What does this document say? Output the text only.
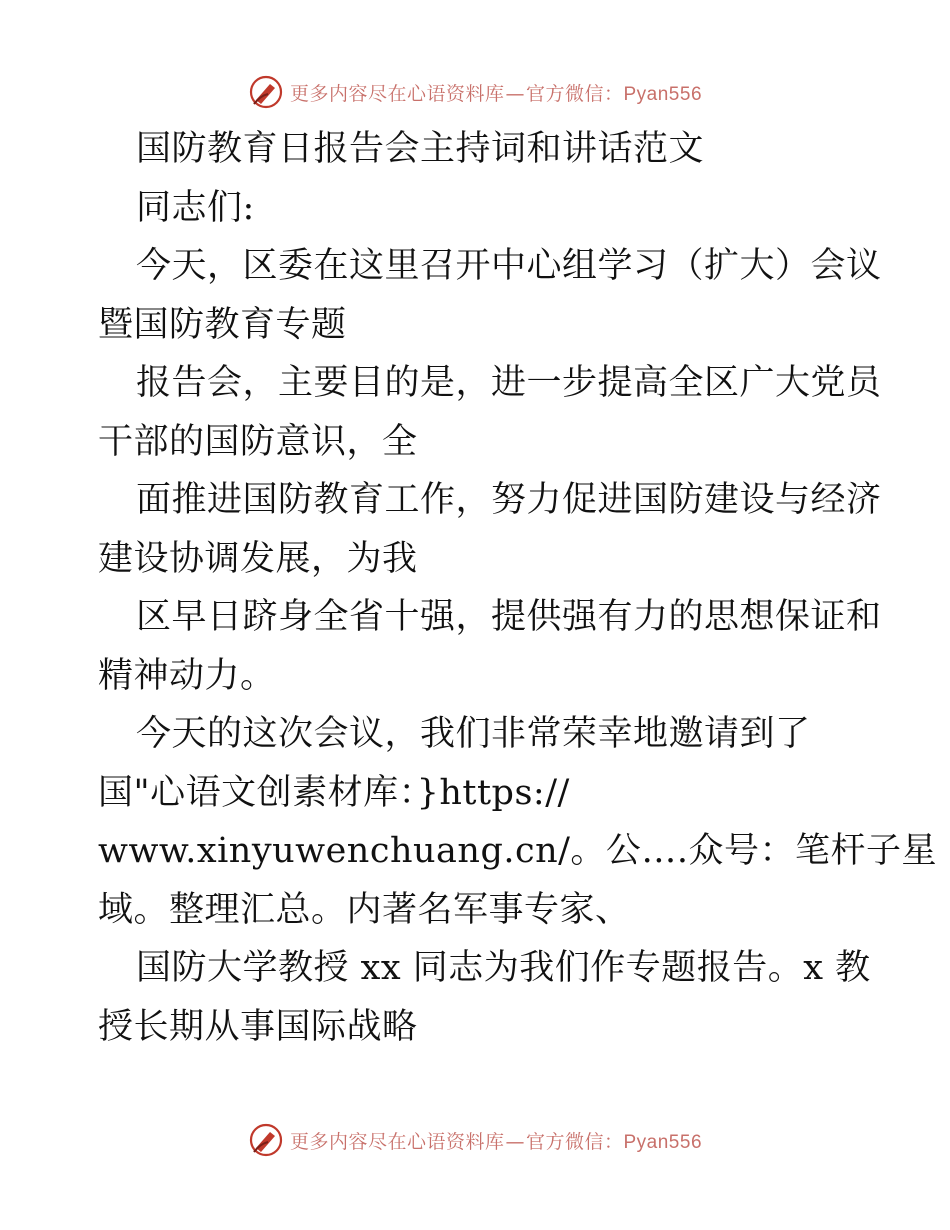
更多内容尽在心语资料库—官方微信：Pyan556
国防教育日报告会主持词和讲话范文
同志们:
今天，区委在这里召开中心组学习（扩大）会议
暨国防教育专题
报告会，主要目的是，进一步提高全区广大党员
干部的国防意识，全
面推进国防教育工作，努力促进国防建设与经济
建设协调发展，为我
区早日跻身全省十强，提供强有力的思想保证和
精神动力。
今天的这次会议，我们非常荣幸地邀请到了
国"心语文创素材库：}https://
www.xinyuwenchuang.cn/。公….众号：笔杆子星
域。整理汇总。内著名军事专家、
国防大学教授 xx 同志为我们作专题报告。x 教
授长期从事国际战略
更多内容尽在心语资料库—官方微信：Pyan556
